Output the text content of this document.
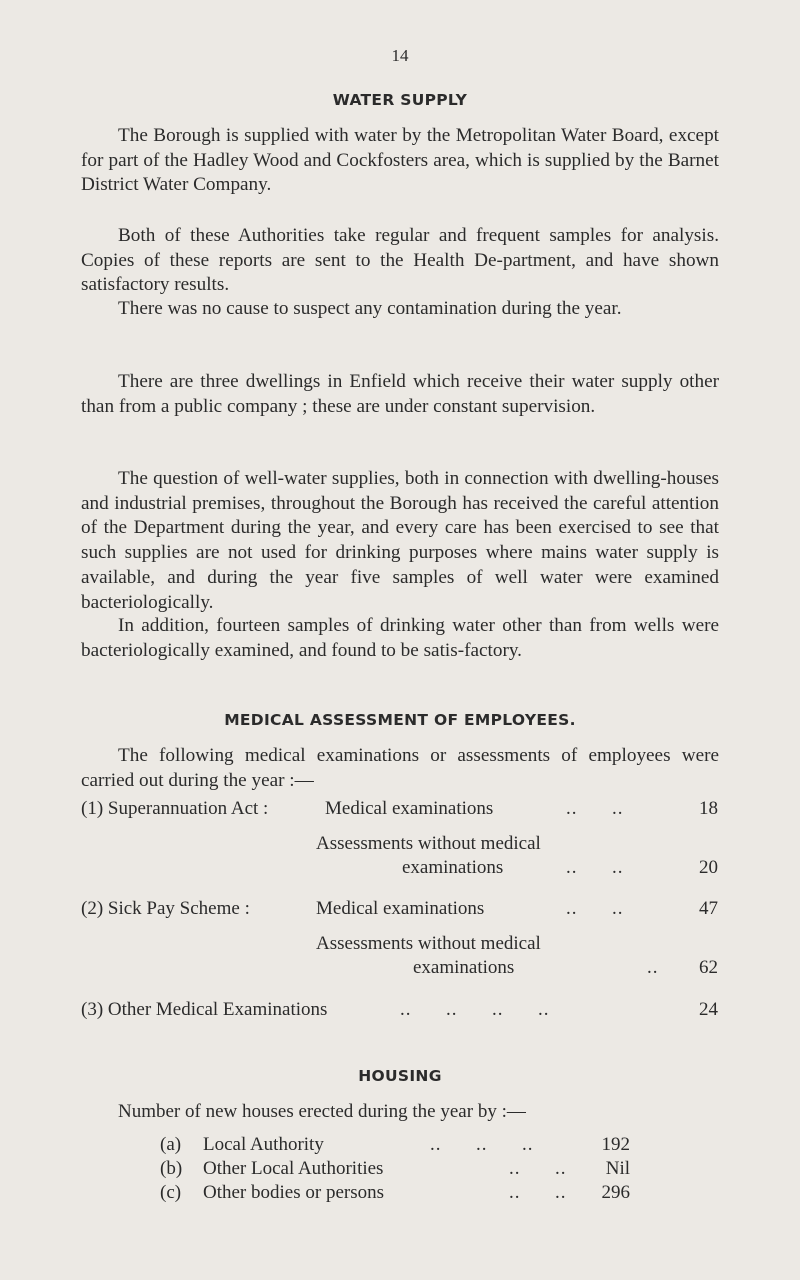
14
WATER SUPPLY

The Borough is supplied with water by the Metropolitan Water Board, except for part of the Hadley Wood and Cockfosters area, which is supplied by the Barnet District Water Company.

Both of these Authorities take regular and frequent samples for analysis. Copies of these reports are sent to the Health De-partment, and have shown satisfactory results.

There was no cause to suspect any contamination during the year.

There are three dwellings in Enfield which receive their water supply other than from a public company ; these are under constant supervision.

The question of well-water supplies, both in connection with dwelling-houses and industrial premises, throughout the Borough has received the careful attention of the Department during the year, and every care has been exercised to see that such supplies are not used for drinking purposes where mains water supply is available, and during the year five samples of well water were examined bacteriologically.

In addition, fourteen samples of drinking water other than from wells were bacteriologically examined, and found to be satis-factory.

MEDICAL ASSESSMENT OF EMPLOYEES.

The following medical examinations or assessments of employees were carried out during the year :—

(1) Superannuation Act :	Medical examinations	..      ..	18
Assessments without medical
examinations	..      ..	20
(2) Sick Pay Scheme :	Medical examinations	..      ..	47
Assessments without medical
examinations	.. 62
(3) Other Medical Examinations	..      ..      ..      ..	24
HOUSING
Number of new houses erected during the year by :—
(a) Local Authority	..      ..      ..	192
(b) Other Local Authorities	..      .. Nil
(c) Other bodies or persons	..      .. 296
